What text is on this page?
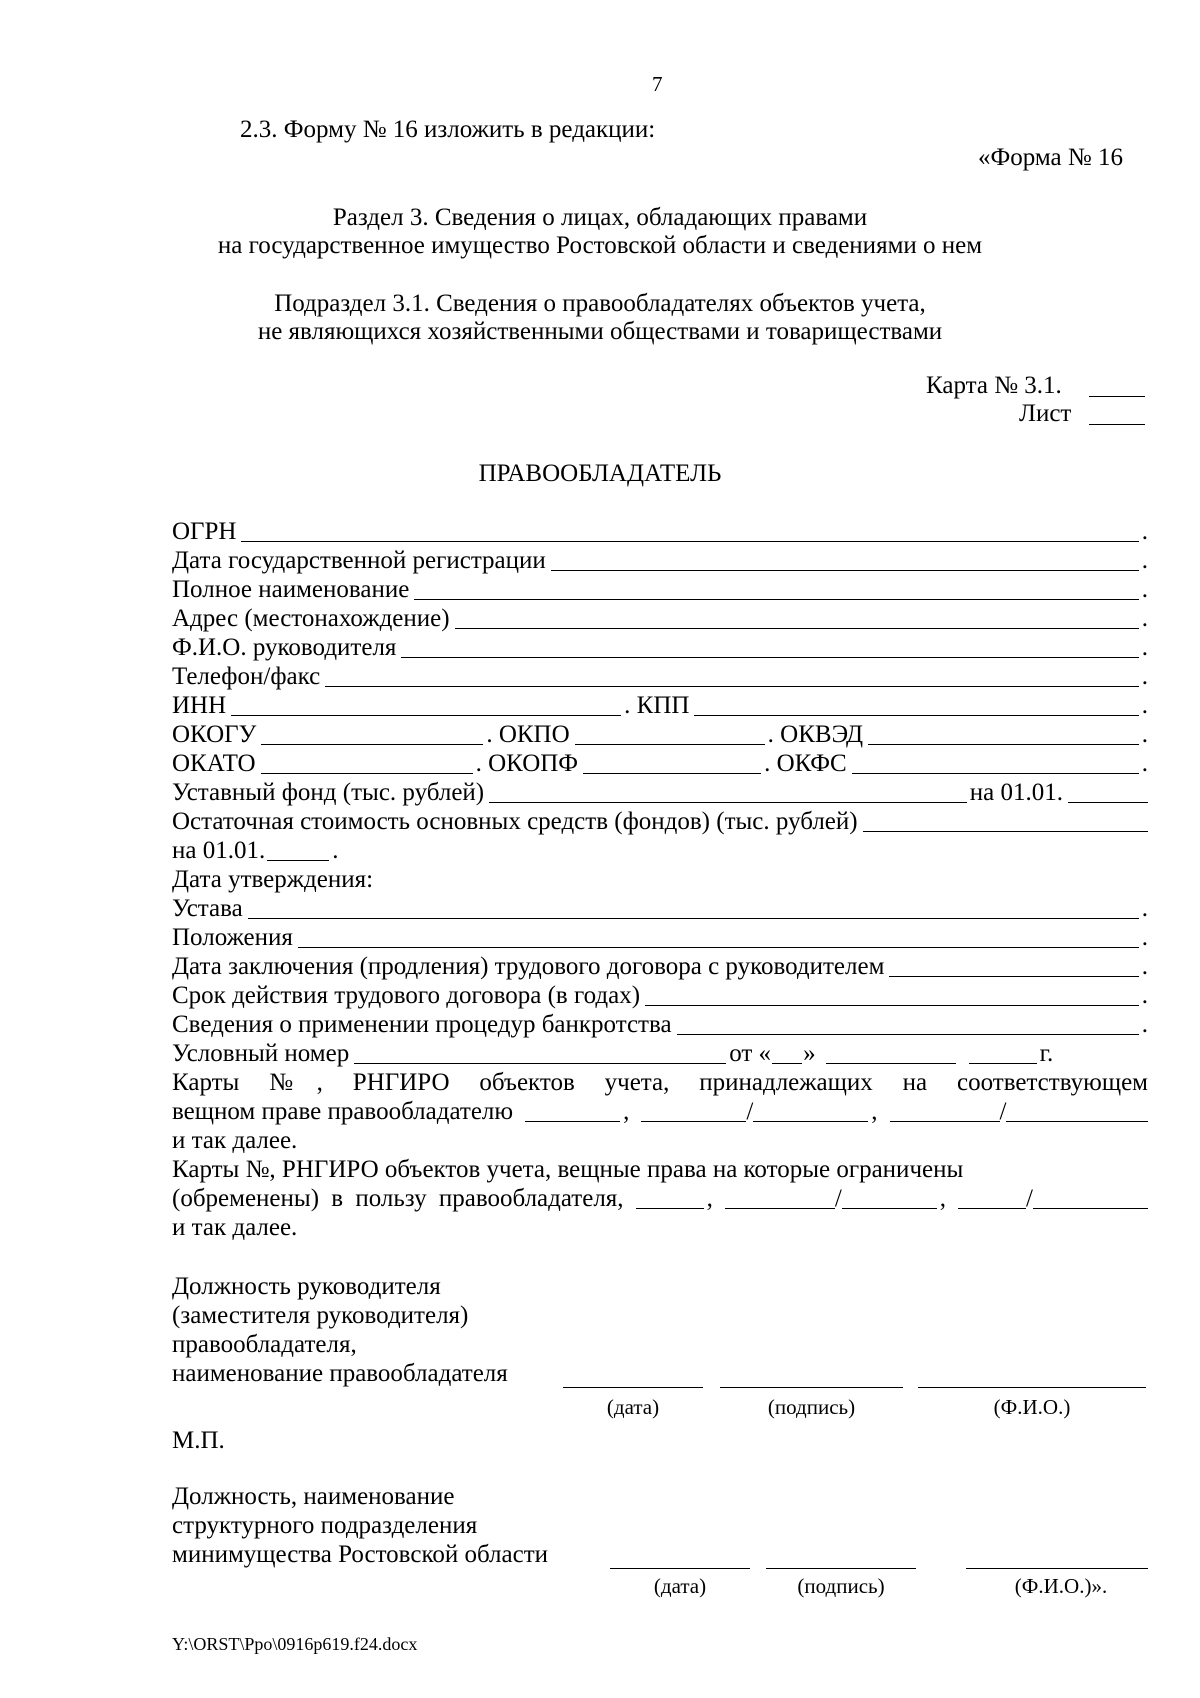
7
2.3. Форму № 16 изложить в редакции:
«Форма № 16
Раздел 3. Сведения о лицах, обладающих правами
на государственное имущество Ростовской области и сведениями о нем
Подраздел 3.1. Сведения о правообладателях объектов учета,
не являющихся хозяйственными обществами и товариществами
Карта № 3.1.
Лист
ПРАВООБЛАДАТЕЛЬ
ОГРН	.
Дата государственной регистрации	.
Полное наименование	.
Адрес (местонахождение)	.
Ф.И.О. руководителя	.
Телефон/факс	.
ИНН	. КПП	.
ОКОГУ	. ОКПО	. ОКВЭД	.
ОКАТО	. ОКОПФ	. ОКФС	.
Уставный фонд (тыс. рублей)	на 01.01.
Остаточная стоимость основных средств (фондов) (тыс. рублей)
на 01.01.	.
Дата утверждения:
Устава	.
Положения	.
Дата заключения (продления) трудового договора с руководителем	.
Срок действия трудового договора (в годах)	.
Сведения о применении процедур банкротства	.
Условный номер	от « »	г.
Карты №, РНГИРО объектов учета, принадлежащих на соответствующем
вещном праве правообладателю	,	/	,	/
и так далее.
Карты №, РНГИРО объектов учета, вещные права на которые ограничены
(обременены) в пользу правообладателя,	,	/	,	/
и так далее.
Должность руководителя
(заместителя руководителя)
правообладателя,
наименование правообладателя
(дата)	(подпись)	(Ф.И.О.)
М.П.
Должность, наименование
структурного подразделения
минимущества Ростовской области
(дата)	(подпись)	(Ф.И.О.)».
Y:\ORST\Ppo\0916p619.f24.docx
